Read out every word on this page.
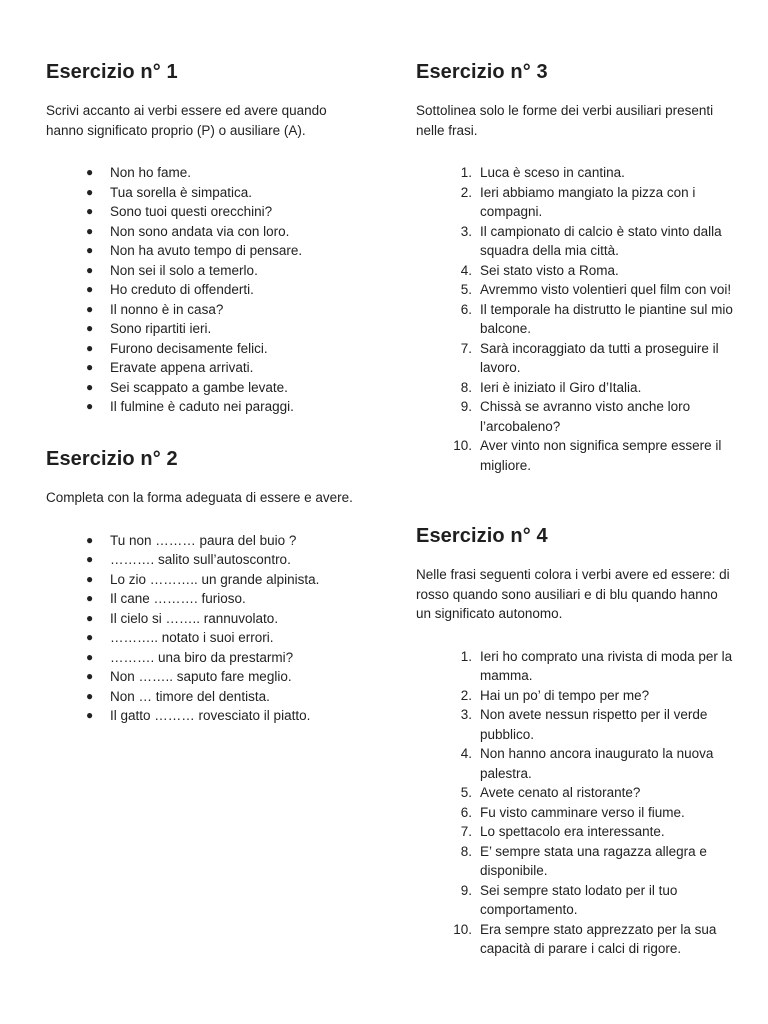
Esercizio n° 1

Scrivi accanto ai verbi essere ed avere quando hanno significato proprio (P) o ausiliare (A).

● Non ho fame.
● Tua sorella è simpatica.
● Sono tuoi questi orecchini?
● Non sono andata via con loro.
● Non ha avuto tempo di pensare.
● Non sei il solo a temerlo.
● Ho creduto di offenderti.
● Il nonno è in casa?
● Sono ripartiti ieri.
● Furono decisamente felici.
● Eravate appena arrivati.
● Sei scappato a gambe levate.
● Il fulmine è caduto nei paraggi.
Esercizio n° 2

Completa con la forma adeguata di essere e avere.

● Tu non ……… paura del buio ?
● ………. salito sull’autoscontro.
● Lo zio ……….. un grande alpinista.
● Il cane ………. furioso.
● Il cielo si …….. rannuvolato.
● ……….. notato i suoi errori.
● ………. una biro da prestarmi?
● Non …….. saputo fare meglio.
● Non … timore del dentista.
● Il gatto ……… rovesciato il piatto.
Esercizio n° 3

Sottolinea solo le forme dei verbi ausiliari presenti nelle frasi.

1. Luca è sceso in cantina.
2. Ieri abbiamo mangiato la pizza con i compagni.
3. Il campionato di calcio è stato vinto dalla squadra della mia città.
4. Sei stato visto a Roma.
5. Avremmo visto volentieri quel film con voi!
6. Il temporale ha distrutto le piantine sul mio balcone.
7. Sarà incoraggiato da tutti a proseguire il lavoro.
8. Ieri è iniziato il Giro d’Italia.
9. Chissà se avranno visto anche loro l’arcobaleno?
10. Aver vinto non significa sempre essere il migliore.
Esercizio n° 4

Nelle frasi seguenti colora i verbi avere ed essere: di rosso quando sono ausiliari e di blu quando hanno un significato autonomo.

1. Ieri ho comprato una rivista di moda per la mamma.
2. Hai un po’ di tempo per me?
3. Non avete nessun rispetto per il verde pubblico.
4. Non hanno ancora inaugurato la nuova palestra.
5. Avete cenato al ristorante?
6. Fu visto camminare verso il fiume.
7. Lo spettacolo era interessante.
8. E’ sempre stata una ragazza allegra e disponibile.
9. Sei sempre stato lodato per il tuo comportamento.
10. Era sempre stato apprezzato per la sua capacità di parare i calci di rigore.
